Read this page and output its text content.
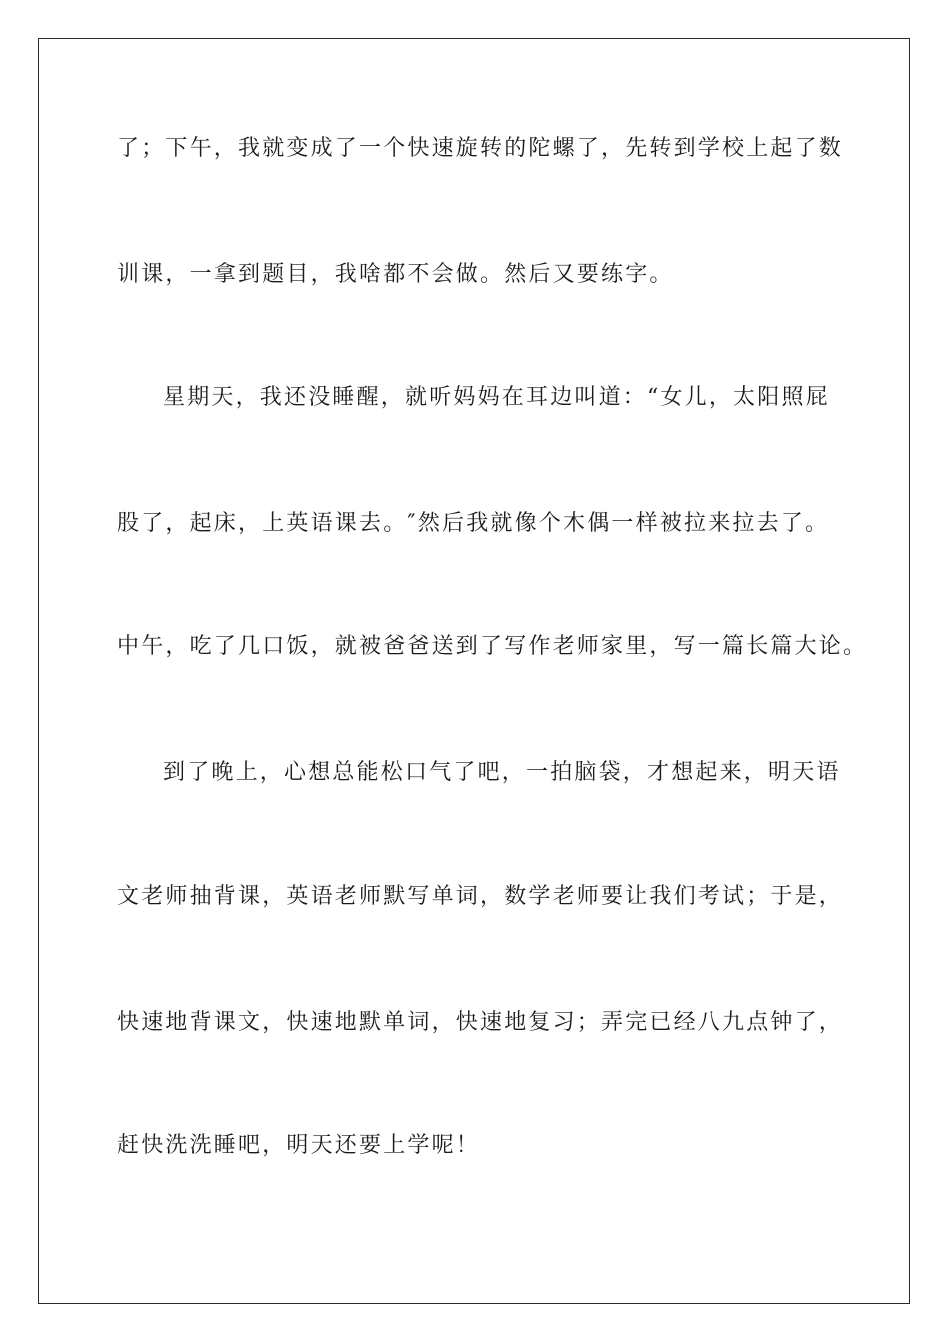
了；下午，我就变成了一个快速旋转的陀螺了，先转到学校上起了数
训课，一拿到题目，我啥都不会做。然后又要练字。
星期天，我还没睡醒，就听妈妈在耳边叫道：“女儿，太阳照屁
股了，起床，上英语课去。″然后我就像个木偶一样被拉来拉去了。
中午，吃了几口饭，就被爸爸送到了写作老师家里，写一篇长篇大论。
到了晚上，心想总能松口气了吧，一拍脑袋，才想起来，明天语
文老师抽背课，英语老师默写单词，数学老师要让我们考试；于是，
快速地背课文，快速地默单词，快速地复习；弄完已经八九点钟了，
赶快洗洗睡吧，明天还要上学呢！
